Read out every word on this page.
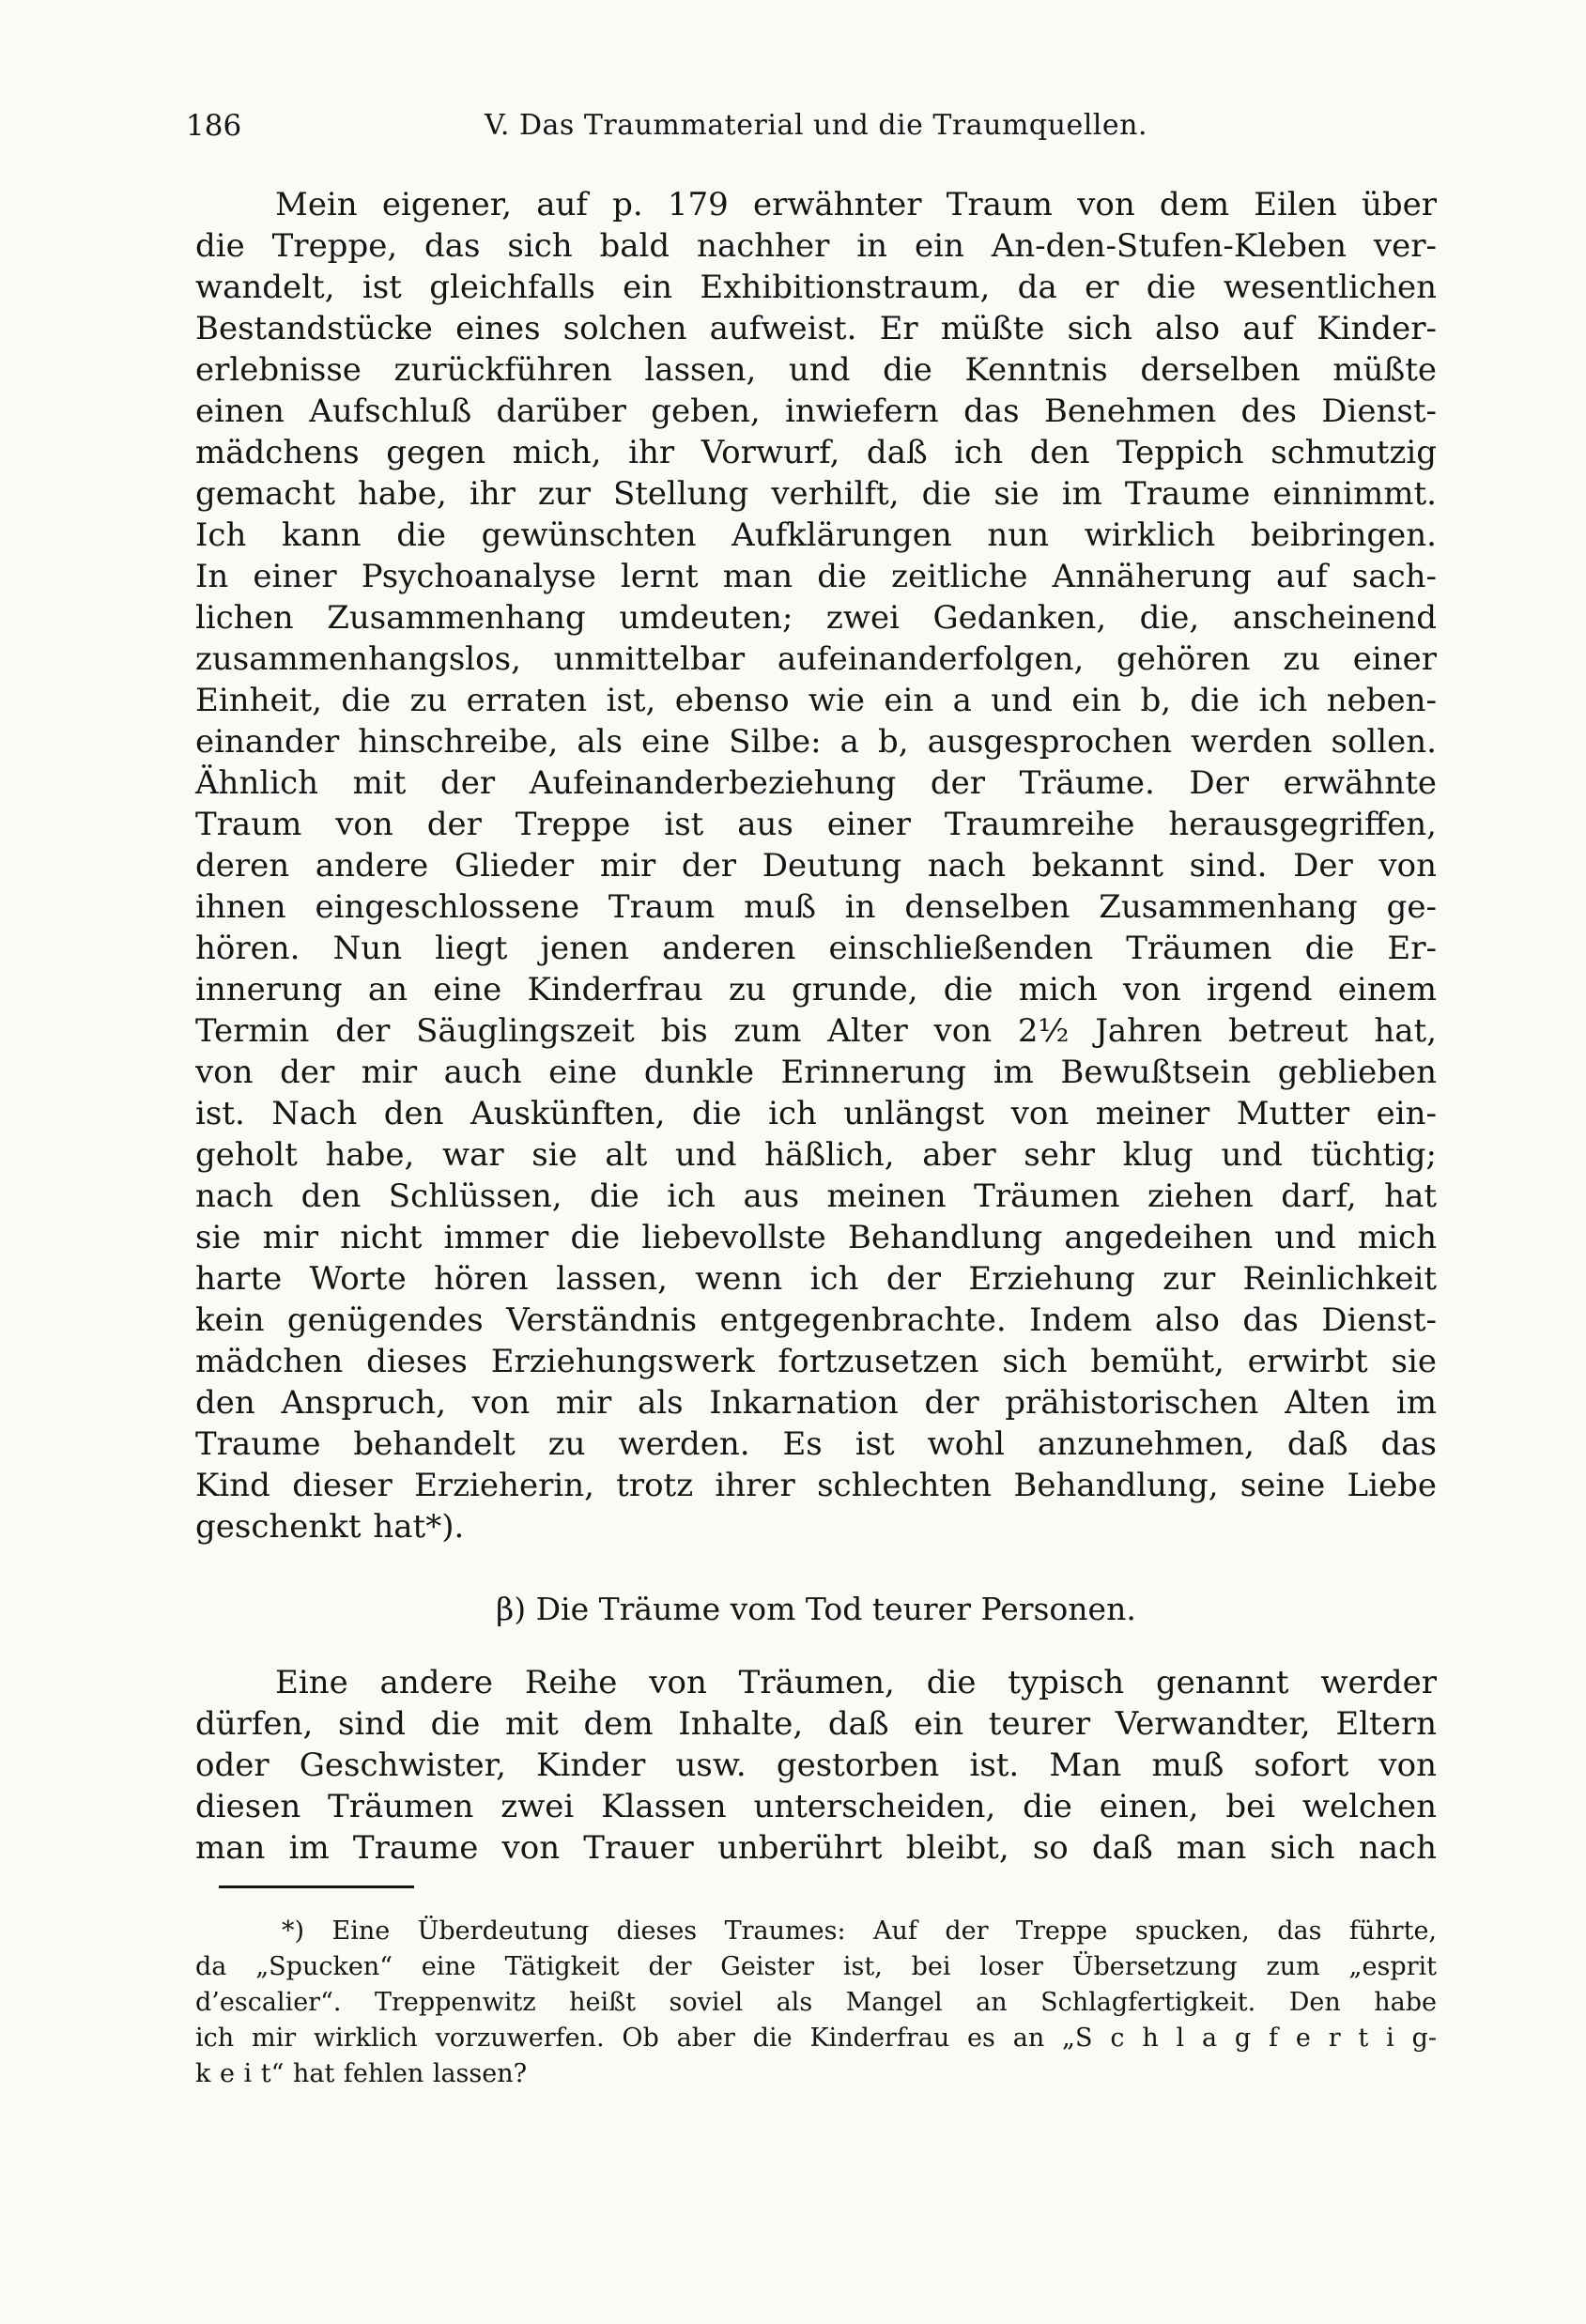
186	V. Das Traummaterial und die Traumquellen.
Mein eigener, auf p. 179 erwähnter Traum von dem Eilen über
die Treppe, das sich bald nachher in ein An-den-Stufen-Kleben ver-
wandelt, ist gleichfalls ein Exhibitionstraum, da er die wesentlichen
Bestandstücke eines solchen aufweist. Er müßte sich also auf Kinder-
erlebnisse zurückführen lassen, und die Kenntnis derselben müßte
einen Aufschluß darüber geben, inwiefern das Benehmen des Dienst-
mädchens gegen mich, ihr Vorwurf, daß ich den Teppich schmutzig
gemacht habe, ihr zur Stellung verhilft, die sie im Traume einnimmt.
Ich kann die gewünschten Aufklärungen nun wirklich beibringen.
In einer Psychoanalyse lernt man die zeitliche Annäherung auf sach-
lichen Zusammenhang umdeuten; zwei Gedanken, die, anscheinend
zusammenhangslos, unmittelbar aufeinanderfolgen, gehören zu einer
Einheit, die zu erraten ist, ebenso wie ein a und ein b, die ich neben-
einander hinschreibe, als eine Silbe: a b, ausgesprochen werden sollen.
Ähnlich mit der Aufeinanderbeziehung der Träume. Der erwähnte
Traum von der Treppe ist aus einer Traumreihe herausgegriffen,
deren andere Glieder mir der Deutung nach bekannt sind. Der von
ihnen eingeschlossene Traum muß in denselben Zusammenhang ge-
hören. Nun liegt jenen anderen einschließenden Träumen die Er-
innerung an eine Kinderfrau zu grunde, die mich von irgend einem
Termin der Säuglingszeit bis zum Alter von 2½ Jahren betreut hat,
von der mir auch eine dunkle Erinnerung im Bewußtsein geblieben
ist. Nach den Auskünften, die ich unlängst von meiner Mutter ein-
geholt habe, war sie alt und häßlich, aber sehr klug und tüchtig;
nach den Schlüssen, die ich aus meinen Träumen ziehen darf, hat
sie mir nicht immer die liebevollste Behandlung angedeihen und mich
harte Worte hören lassen, wenn ich der Erziehung zur Reinlichkeit
kein genügendes Verständnis entgegenbrachte. Indem also das Dienst-
mädchen dieses Erziehungswerk fortzusetzen sich bemüht, erwirbt sie
den Anspruch, von mir als Inkarnation der prähistorischen Alten im
Traume behandelt zu werden. Es ist wohl anzunehmen, daß das
Kind dieser Erzieherin, trotz ihrer schlechten Behandlung, seine Liebe
geschenkt hat*).
β) Die Träume vom Tod teurer Personen.
Eine andere Reihe von Träumen, die typisch genannt werder
dürfen, sind die mit dem Inhalte, daß ein teurer Verwandter, Eltern
oder Geschwister, Kinder usw. gestorben ist. Man muß sofort von
diesen Träumen zwei Klassen unterscheiden, die einen, bei welchen
man im Traume von Trauer unberührt bleibt, so daß man sich nach
*) Eine Überdeutung dieses Traumes: Auf der Treppe spucken, das führte,
da „Spucken“ eine Tätigkeit der Geister ist, bei loser Übersetzung zum „esprit
d’escalier“. Treppenwitz heißt soviel als Mangel an Schlagfertigkeit. Den habe
ich mir wirklich vorzuwerfen. Ob aber die Kinderfrau es an „S c h l a g f e r t i g-
k e i t“ hat fehlen lassen?
